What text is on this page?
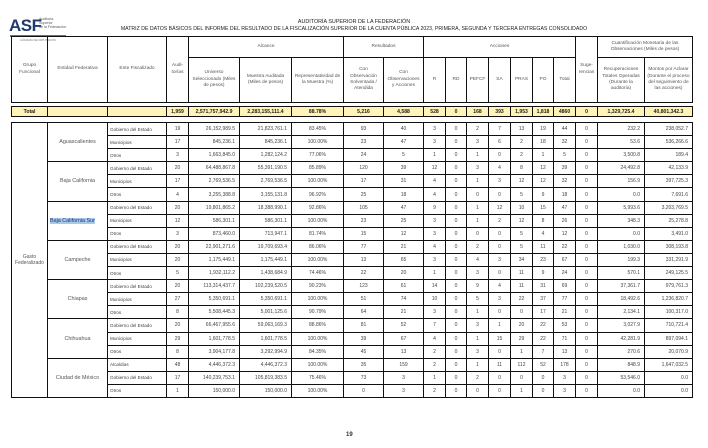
ASF
Auditoría
Superior
de la Federación
CÁMARA DE DIPUTADOS
AUDITORÍA SUPERIOR DE LA FEDERACIÓN
MATRIZ DE DATOS BÁSICOS DEL INFORME DEL RESULTADO DE LA FISCALIZACIÓN SUPERIOR DE LA CUENTA PÚBLICA 2023, PRIMERA, SEGUNDA Y TERCERA ENTREGAS CONSOLIDADO
Grupo Funcional	Entidad Federativa	Ente Fiscalizado	Audi-torías	Alcance			Resultados		Acciones							Suge-rencias	Cuantificación Monetaria de las Observaciones (Miles de pesos)	
				Universo Seleccionado (Miles de pesos)	Muestra Auditada (Miles de pesos)	Representatividad de la Muestra (%)	Con Observación Solventada / Atendida	Con Observaciones y Acciones	R	RD	PEFCF	SA	PRAS	PO	Total		Recuperaciones Totales Operadas (Durante la auditoría)	Montos por Aclarar (Durante el proceso del seguimiento de las acciones)
Total			1,959	2,571,757,942.9	2,283,155,111.4	88.78%	5,216	4,588	528	0	168	393	1,953	1,818	4860	0	1,329,725.4	40,801,342.3
Gasto Federalizado	Aguascalientes	Gobierno del Estado	19	26,152,989.5	21,823,761.1	83.45%	93	40	3	0	2	7	13	19	44	0	232.2	238,052.7
		Municipios	17	845,236.1	845,236.1	100.00%	23	47	3	0	3	6	2	18	32	0	53.6	536,266.6
		Otros	3	1,663,845.0	1,282,124.2	77.06%	24	5	1	0	1	0	2	1	5	0	3,500.8	189.4
	Baja California	Gobierno del Estado	20	64,488,867.8	55,391,190.5	85.89%	120	39	12	0	3	4	8	12	39	0	24,492.8	42,133.9
		Municipios	17	2,769,536.5	2,769,536.5	100.00%	17	31	4	0	1	3	12	12	32	0	156.9	397,725.3
		Otros	4	3,255,388.8	3,155,131.8	96.92%	25	18	4	0	0	0	5	9	18	0	0.0	7,691.6
	Baja California Sur	Gobierno del Estado	20	19,801,865.2	18,388,990.1	92.86%	105	47	9	0	1	12	10	15	47	0	5,993.6	3,203,769.5
		Municipios	12	586,301.1	586,301.1	100.00%	23	25	3	0	1	2	12	8	26	0	348.3	25,278.8
		Otros	3	873,460.0	713,947.1	81.74%	15	12	3	0	0	0	5	4	12	0	0.0	3,491.0
	Campeche	Gobierno del Estado	20	22,901,271.6	19,709,693.4	86.06%	77	21	4	0	2	0	5	11	22	0	1,030.0	308,193.8
		Municipios	20	1,175,449.1	1,175,449.1	100.00%	13	65	3	0	4	3	34	23	67	0	199.3	331,291.9
		Otros	5	1,932,112.2	1,438,684.9	74.46%	22	20	1	0	3	0	11	9	24	0	570.1	249,125.5
	Chiapas	Gobierno del Estado	20	113,314,437.7	102,239,520.5	90.23%	123	61	14	0	9	4	11	31	69	0	37,361.7	979,761.3
		Municipios	27	5,350,691.1	5,350,691.1	100.00%	51	74	10	0	5	3	22	37	77	0	18,492.6	1,236,820.7
		Otros	8	5,508,445.3	5,001,125.6	90.79%	64	21	3	0	1	0	0	17	21	0	2,134.1	100,317.0
	Chihuahua	Gobierno del Estado	20	66,467,955.6	59,063,169.3	88.86%	81	52	7	0	3	1	20	22	53	0	3,027.9	710,721.4
		Municipios	29	1,601,778.5	1,601,778.5	100.00%	39	67	4	0	1	15	29	22	71	0	42,281.9	897,094.1
		Otros	8	3,904,177.8	3,292,994.9	84.35%	45	13	2	0	3	0	1	7	13	0	270.6	20,070.9
	Ciudad de México	Alcaldías	48	4,446,372.3	4,446,372.3	100.00%	35	159	2	0	1	11	112	52	178	0	848.9	1,647,032.5
		Gobierno del Estado	17	140,239,753.1	105,819,383.5	75.46%	73	3	1	0	2	0	0	0	3	0	53,546.0	0.0
		Otros	1	150,000.0	150,000.0	100.00%	0	3	2	0	0	0	1	0	3	0	0.0	0.0
19
